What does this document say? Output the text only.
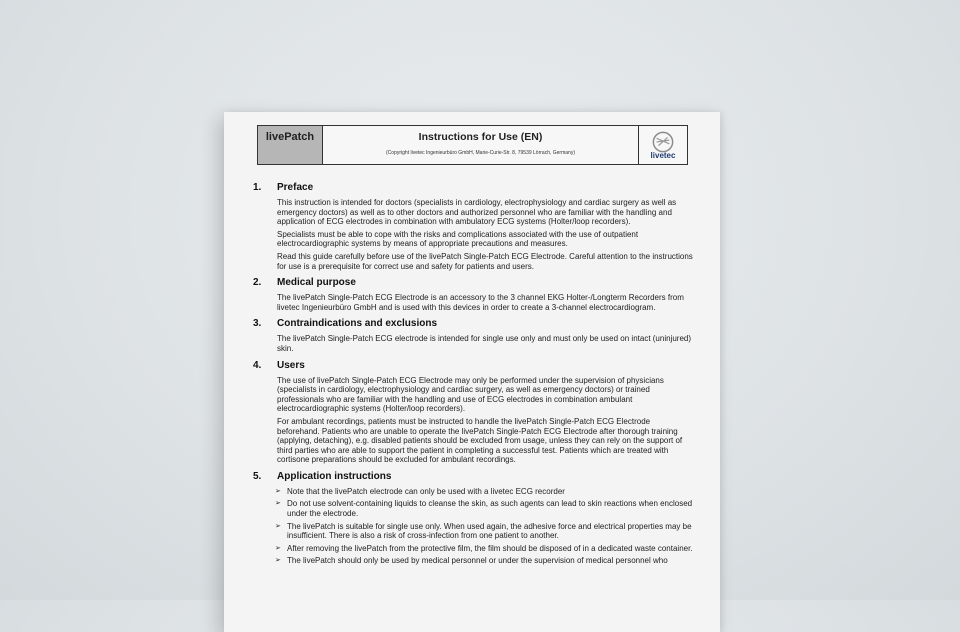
livePatch	Instructions for Use (EN)
(Copyright livetec Ingenieurbüro GmbH, Marie-Curie-Str. 8, 79539 Lörrach, Germany)	livetec
1.	Preface
This instruction is intended for doctors (specialists in cardiology, electrophysiology and cardiac surgery as well as emergency doctors) as well as to other doctors and authorized personnel who are familiar with the handling and application of ECG electrodes in combination with ambulatory ECG systems (Holter/loop recorders).
Specialists must be able to cope with the risks and complications associated with the use of outpatient electrocardiographic systems by means of appropriate precautions and measures.
Read this guide carefully before use of the livePatch Single-Patch ECG Electrode. Careful attention to the instructions for use is a prerequisite for correct use and safety for patients and users.
2.	Medical purpose
The livePatch Single-Patch ECG Electrode is an accessory to the 3 channel EKG Holter-/Longterm Recorders from livetec Ingenieurbüro GmbH and is used with this devices in order to create a 3-channel electrocardiogram.
3.	Contraindications and exclusions
The livePatch Single-Patch ECG electrode is intended for single use only and must only be used on intact (uninjured) skin.
4.	Users
The use of livePatch Single-Patch ECG Electrode may only be performed under the supervision of physicians (specialists in cardiology, electrophysiology and cardiac surgery, as well as emergency doctors) or trained professionals who are familiar with the handling and use of ECG electrodes in combination ambulant electrocardiographic systems (Holter/loop recorders).
For ambulant recordings, patients must be instructed to handle the livePatch Single-Patch ECG Electrode beforehand. Patients who are unable to operate the livePatch Single-Patch ECG Electrode after thorough training (applying, detaching), e.g. disabled patients should be excluded from usage, unless they can rely on the support of third parties who are able to support the patient in completing a successful test. Patients which are treated with cortisone preparations should be excluded for ambulant recordings.
5.	Application instructions
➢ Note that the livePatch electrode can only be used with a livetec ECG recorder
➢ Do not use solvent-containing liquids to cleanse the skin, as such agents can lead to skin reactions when enclosed under the electrode.
➢ The livePatch is suitable for single use only. When used again, the adhesive force and electrical properties may be insufficient. There is also a risk of cross-infection from one patient to another.
➢ After removing the livePatch from the protective film, the film should be disposed of in a dedicated waste container.
➢ The livePatch should only be used by medical personnel or under the supervision of medical personnel who
